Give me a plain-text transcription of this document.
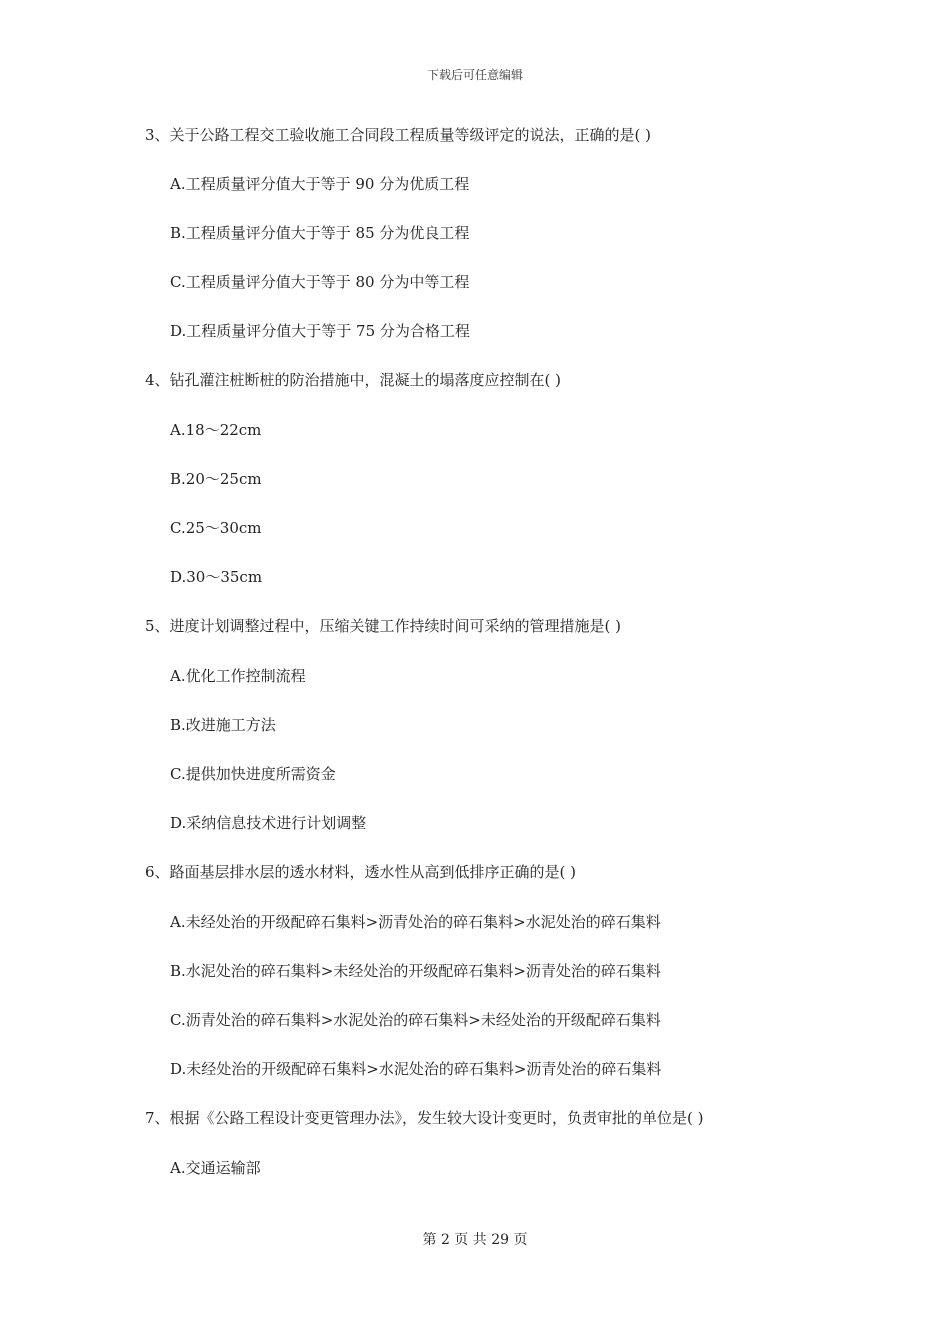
下载后可任意编辑
3、关于公路工程交工验收施工合同段工程质量等级评定的说法，正确的是( )
A.工程质量评分值大于等于 90 分为优质工程
B.工程质量评分值大于等于 85 分为优良工程
C.工程质量评分值大于等于 80 分为中等工程
D.工程质量评分值大于等于 75 分为合格工程
4、钻孔灌注桩断桩的防治措施中，混凝土的塌落度应控制在( )
A.18～22cm
B.20～25cm
C.25～30cm
D.30～35cm
5、进度计划调整过程中，压缩关键工作持续时间可采纳的管理措施是( )
A.优化工作控制流程
B.改进施工方法
C.提供加快进度所需资金
D.采纳信息技术进行计划调整
6、路面基层排水层的透水材料，透水性从高到低排序正确的是( )
A.未经处治的开级配碎石集料>沥青处治的碎石集料>水泥处治的碎石集料
B.水泥处治的碎石集料>未经处治的开级配碎石集料>沥青处治的碎石集料
C.沥青处治的碎石集料>水泥处治的碎石集料>未经处治的开级配碎石集料
D.未经处治的开级配碎石集料>水泥处治的碎石集料>沥青处治的碎石集料
7、根据《公路工程设计变更管理办法》，发生较大设计变更时，负责审批的单位是( )
A.交通运输部
第 2 页 共 29 页
